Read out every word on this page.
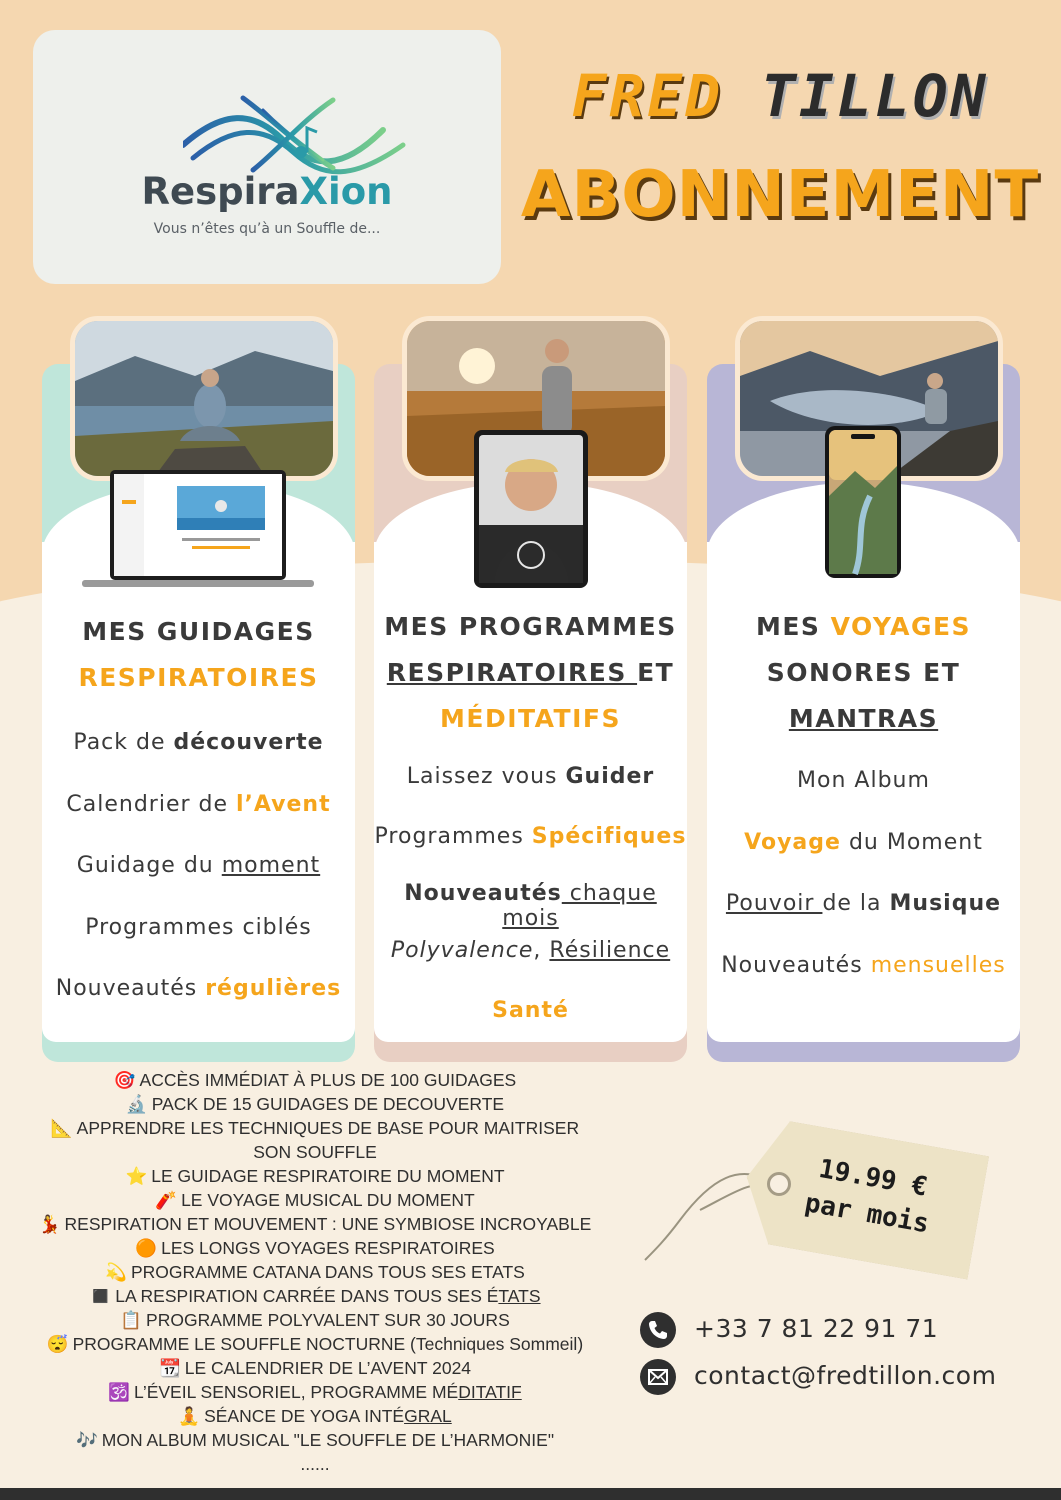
RespiraXion
Vous n’êtes qu’à un Souffle de...
FRED TILLON
ABONNEMENT
MES GUIDAGES
RESPIRATOIRES
Pack de découverte
Calendrier de l’Avent
Guidage du moment
Programmes ciblés
Nouveautés régulières
MES PROGRAMMES
RESPIRATOIRES ET
MÉDITATIFS
Laissez vous Guider
Programmes Spécifiques
Nouveautés chaque mois
Polyvalence, Résilience
Santé
MES VOYAGES
SONORES ET
MANTRAS
Mon Album
Voyage du Moment
Pouvoir de la Musique
Nouveautés mensuelles
🎯 ACCÈS IMMÉDIAT À PLUS DE 100 GUIDAGES
🔬 PACK DE 15 GUIDAGES DE DECOUVERTE
📐 APPRENDRE LES TECHNIQUES DE BASE POUR MAITRISER SON SOUFFLE
⭐ LE GUIDAGE RESPIRATOIRE DU MOMENT
🧨 LE VOYAGE MUSICAL DU MOMENT
💃 RESPIRATION ET MOUVEMENT : UNE SYMBIOSE INCROYABLE
🟠 LES LONGS VOYAGES RESPIRATOIRES
💫 PROGRAMME CATANA DANS TOUS SES ETATS
◼️ LA RESPIRATION CARRÉE DANS TOUS SES ÉTATS
📋 PROGRAMME POLYVALENT SUR 30 JOURS
😴 PROGRAMME LE SOUFFLE NOCTURNE (Techniques Sommeil)
📆 LE CALENDRIER DE L’AVENT 2024
🕉️ L’ÉVEIL SENSORIEL, PROGRAMME MÉDITATIF
🧘 SÉANCE DE YOGA INTÉGRAL
🎶 MON ALBUM MUSICAL "LE SOUFFLE DE L’HARMONIE"
......
19.99 €
par mois
+33 7 81 22 91 71
contact@fredtillon.com
